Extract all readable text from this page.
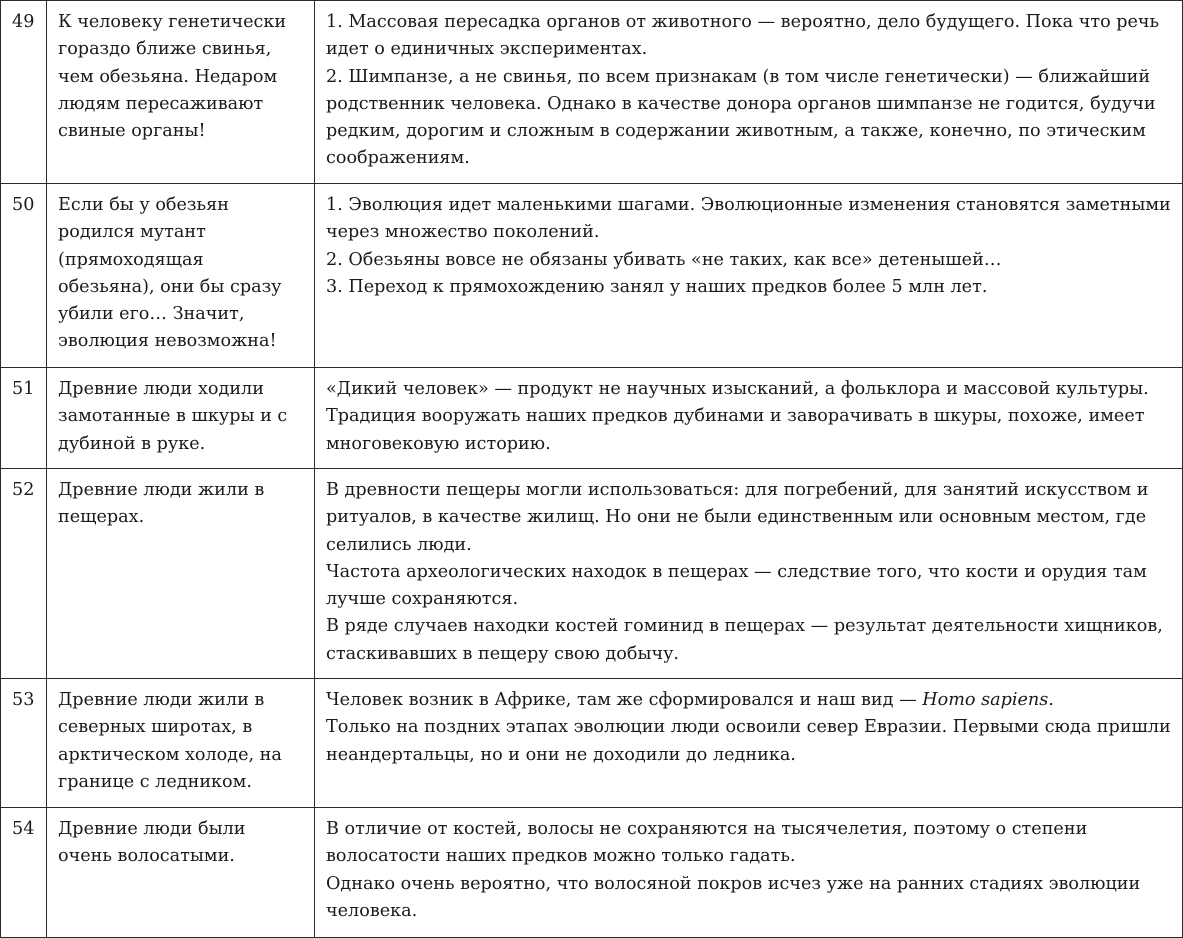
49	К человеку генетически гораздо ближе свинья, чем обезьяна. Недаром людям пересаживают свиные органы!	1. Массовая пересадка органов от животного — вероятно, дело будущего. Пока что речь идет о единичных экспериментах.
2. Шимпанзе, а не свинья, по всем признакам (в том числе генетически) — ближайший родственник человека. Однако в качестве донора органов шимпанзе не годится, будучи редким, дорогим и сложным в содержании животным, а также, конечно, по этическим соображениям.
50	Если бы у обезьян родился мутант (прямоходящая обезьяна), они бы сразу убили его… Значит, эволюция невозможна!	1. Эволюция идет маленькими шагами. Эволюционные изменения становятся заметными через множество поколений.
2. Обезьяны вовсе не обязаны убивать «не таких, как все» детенышей…
3. Переход к прямохождению занял у наших предков более 5 млн лет.
51	Древние люди ходили замотанные в шкуры и с дубиной в руке.	«Дикий человек» — продукт не научных изысканий, а фольклора и массовой культуры. Традиция вооружать наших предков дубинами и заворачивать в шкуры, похоже, имеет многовековую историю.
52	Древние люди жили в пещерах.	В древности пещеры могли использоваться: для погребений, для занятий искусством и ритуалов, в качестве жилищ. Но они не были единственным или основным местом, где селились люди.
Частота археологических находок в пещерах — следствие того, что кости и орудия там лучше сохраняются.
В ряде случаев находки костей гоминид в пещерах — результат деятельности хищников, стаскивавших в пещеру свою добычу.
53	Древние люди жили в северных широтах, в арктическом холоде, на границе с ледником.	Человек возник в Африке, там же сформировался и наш вид — Homo sapiens.
Только на поздних этапах эволюции люди освоили север Евразии. Первыми сюда пришли неандертальцы, но и они не доходили до ледника.
54	Древние люди были очень волосатыми.	В отличие от костей, волосы не сохраняются на тысячелетия, поэтому о степени волосатости наших предков можно только гадать.
Однако очень вероятно, что волосяной покров исчез уже на ранних стадиях эволюции человека.
